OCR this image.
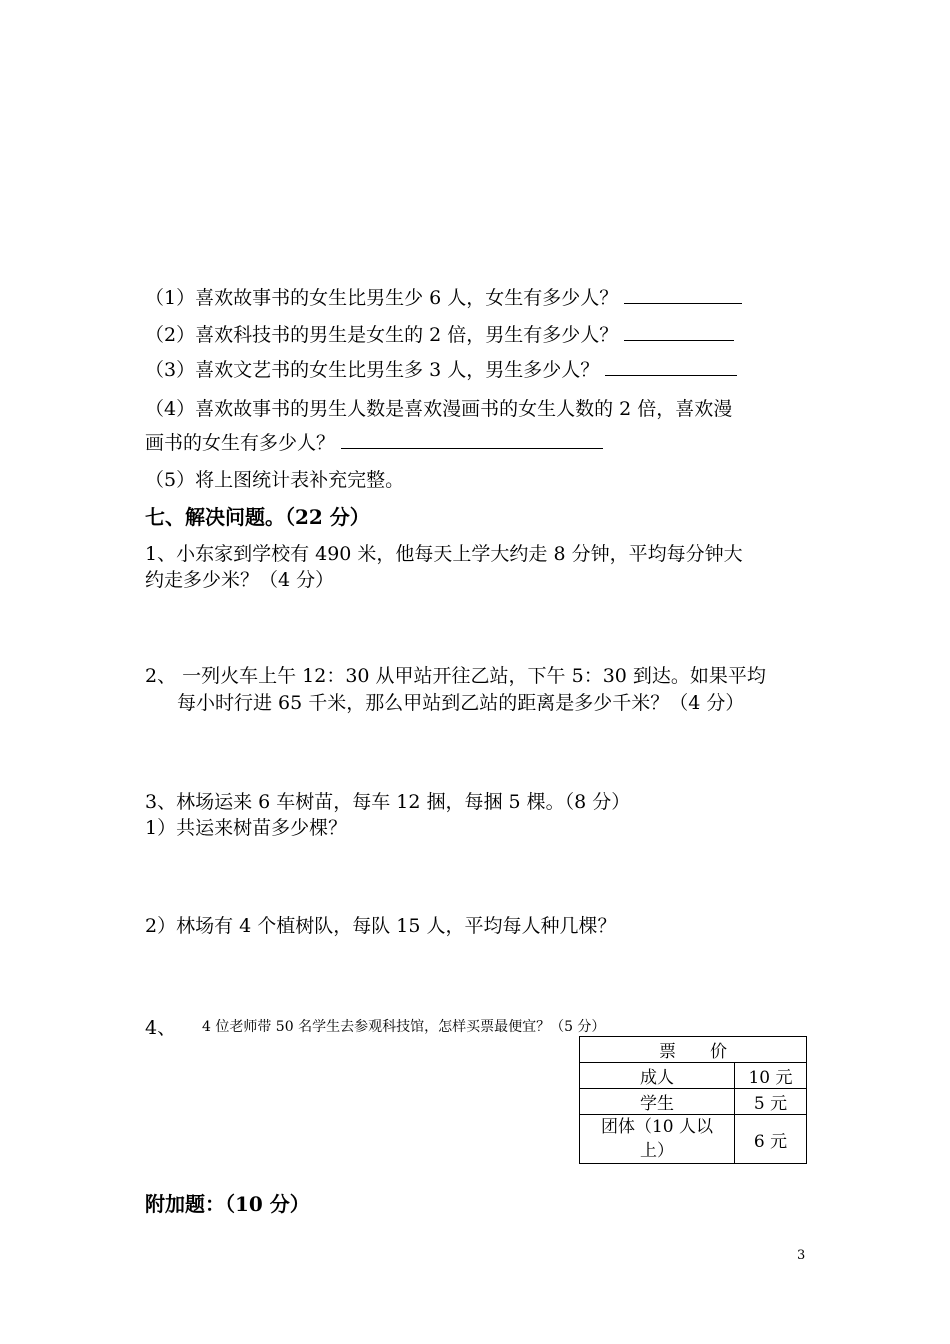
（1）喜欢故事书的女生比男生少 6 人，女生有多少人？
（2）喜欢科技书的男生是女生的 2 倍，男生有多少人？
（3）喜欢文艺书的女生比男生多 3 人，男生多少人？
（4）喜欢故事书的男生人数是喜欢漫画书的女生人数的 2 倍，喜欢漫
画书的女生有多少人？
（5）将上图统计表补充完整。
七、解决问题。（22 分）
1、小东家到学校有 490 米，他每天上学大约走 8 分钟，平均每分钟大
约走多少米？（4 分）
2、 一列火车上午 12：30 从甲站开往乙站，下午 5：30 到达。如果平均
每小时行进 65 千米，那么甲站到乙站的距离是多少千米？（4 分）
3、林场运来 6 车树苗，每车 12 捆，每捆 5 棵。（8 分）
1）共运来树苗多少棵？
2）林场有 4 个植树队，每队 15 人，平均每人种几棵？
4、 4 位老师带 50 名学生去参观科技馆，怎样买票最便宜？（5 分）
票　　价	
成人	10 元
学生	5 元
团体（10 人以上）	6 元
附加题：（10 分）
3
